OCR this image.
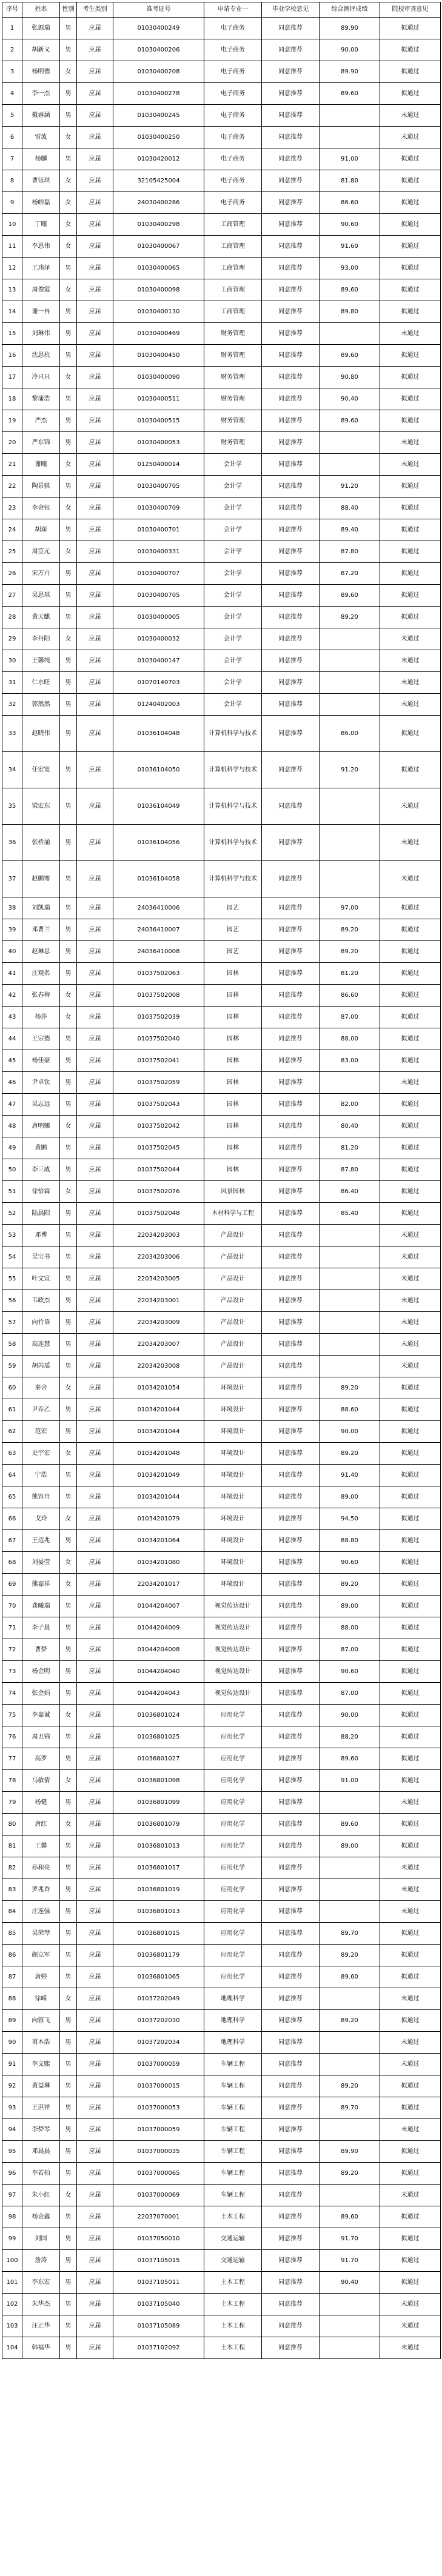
序号	姓名	性别	考生类别	准考证号	申请专业一	毕业学校意见	综合测评成绩	院校审查意见
1	张源瑞	男	应届	01030400249	电子商务	同意推荐	89.90	拟通过
2	胡新义	男	应届	01030400206	电子商务	同意推荐	90.00	拟通过
3	杨明德	女	应届	01030400208	电子商务	同意推荐	89.90	拟通过
4	李一杰	男	应届	01030400278	电子商务	同意推荐	89.60	拟通过
5	戴睿涵	男	应届	01030400245	电子商务	同意推荐		未通过
6	雷波	女	应届	01030400250	电子商务	同意推荐		未通过
7	杨麟	男	应届	01030420012	电子商务	同意推荐	91.00	拟通过
8	曹钰琪	女	应届	32105425004	电子商务	同意推荐	81.80	拟通过
9	杨皓磊	女	应届	24030400286	电子商务	同意推荐	86.60	拟通过
10	丁曦	女	应届	01030400298	工商管理	同意推荐	90.60	拟通过
11	李思伟	女	应届	01030400067	工商管理	同意推荐	91.60	拟通过
12	王玮泽	男	应届	01030400065	工商管理	同意推荐	93.00	拟通过
13	周俊霞	女	应届	01030400098	工商管理	同意推荐	89.60	拟通过
14	谢一冉	男	应届	01030400130	工商管理	同意推荐	89.80	拟通过
15	刘琳伟	男	应届	01030400469	财务管理	同意推荐		未通过
16	沈思杭	男	应届	01030400450	财务管理	同意推荐	89.60	拟通过
17	冷只只	女	应届	01030400090	财务管理	同意推荐	90.80	拟通过
18	黎蒲浩	男	应届	01030400511	财务管理	同意推荐	90.40	拟通过
19	严杰	男	应届	01030400515	财务管理	同意推荐	89.60	拟通过
20	严东锦	男	应届	01030400053	财务管理	同意推荐		未通过
21	谢曦	女	应届	01250400014	会计学	同意推荐		未通过
22	陶景骐	男	应届	01030400705	会计学	同意推荐	91.20	拟通过
23	李金钰	女	应届	01030400709	会计学	同意推荐	88.40	拟通过
24	胡琛	男	应届	01030400701	会计学	同意推荐	89.40	拟通过
25	周笠元	女	应届	01030400331	会计学	同意推荐	87.80	拟通过
26	宋万卉	男	应届	01030400707	会计学	同意推荐	87.20	拟通过
27	吴思琪	男	应届	01030400705	会计学	同意推荐	89.60	拟通过
28	黄天麒	男	应届	01030400005	会计学	同意推荐	89.20	拟通过
29	李丹阳	女	应届	01030400032	会计学	同意推荐		未通过
30	王馨纯	男	应届	01030400147	会计学	同意推荐		未通过
31	仁水旺	男	应届	01070140703	会计学	同意推荐		未通过
32	郭然然	男	应届	01240402003	会计学	同意推荐		未通过
33	赵晓伟	男	应届	01036104048	计算机科学与技术	同意推荐	86.00	拟通过
34	任宏宽	男	应届	01036104050	计算机科学与技术	同意推荐	91.20	拟通过
35	梁宏东	男	应届	01036104049	计算机科学与技术	同意推荐		未通过
36	张桥涌	男	应届	01036104056	计算机科学与技术	同意推荐		未通过
37	赵鹏骞	男	应届	01036104058	计算机科学与技术	同意推荐		未通过
38	刘凯瑞	男	应届	24036410006	园艺	同意推荐	97.00	拟通过
39	邓曹兰	男	应届	24036410007	园艺	同意推荐	89.20	拟通过
40	赵琳思	男	应届	24036410008	园艺	同意推荐	89.20	拟通过
41	庄观名	男	应届	01037502063	园林	同意推荐	81.20	拟通过
42	张春梅	女	应届	01037502008	园林	同意推荐	86.60	拟通过
43	杨莎	女	应届	01037502039	园林	同意推荐	87.00	拟通过
44	王宗德	男	应届	01037502040	园林	同意推荐	88.00	拟通过
45	杨佳豪	男	应届	01037502041	园林	同意推荐	83.00	拟通过
46	尹卓钦	男	应届	01037502059	园林	同意推荐		未通过
47	吴志远	男	应届	01037502043	园林	同意推荐	82.00	拟通过
48	唐明娜	女	应届	01037502042	园林	同意推荐	80.40	拟通过
49	黄鹏	男	应届	01037502045	园林	同意推荐	81.20	拟通过
50	李三威	男	应届	01037502044	园林	同意推荐	87.80	拟通过
51	徐恰霖	女	应届	01037502076	风景园林	同意推荐	86.40	拟通过
52	陆晨阳	男	应届	01037502048	木材科学与工程	同意推荐	85.40	拟通过
53	邓博	男	应届	22034203003	产品设计	同意推荐		未通过
54	吴宝书	男	应届	22034203006	产品设计	同意推荐		未通过
55	叶文宣	男	应届	22034203005	产品设计	同意推荐		未通过
56	韦政杰	男	应届	22034203001	产品设计	同意推荐		未通过
57	向竹语	男	应届	22034203009	产品设计	同意推荐		未通过
58	高连慧	男	应届	22034203007	产品设计	同意推荐		未通过
59	胡芮瑶	男	应届	22034203008	产品设计	同意推荐		未通过
60	秦舍	女	应届	01034201054	环境设计	同意推荐	89.20	拟通过
61	尹乔乙	男	应届	01034201044	环境设计	同意推荐	88.60	拟通过
62	范宏	男	应届	01034201044	环境设计	同意推荐	90.00	拟通过
63	史宇宏	女	应届	01034201048	环境设计	同意推荐	89.20	拟通过
64	宁浩	男	应届	01034201049	环境设计	同意推荐	91.40	拟通过
65	熊容舟	男	应届	01034201044	环境设计	同意推荐	89.00	拟通过
66	戈玲	女	应届	01034201079	环境设计	同意推荐	94.50	拟通过
67	王迈兆	男	应届	01034201064	环境设计	同意推荐	88.80	拟通过
68	刘晏莹	女	应届	01034201080	环境设计	同意推荐	90.60	拟通过
69	熊嘉祥	女	应届	22034201017	环境设计	同意推荐	89.20	拟通过
70	龚曦瑞	男	应届	01044204007	视觉传达设计	同意推荐	89.00	拟通过
71	李子晨	男	应届	01044204009	视觉传达设计	同意推荐	88.00	拟通过
72	曹梦	男	应届	01044204008	视觉传达设计	同意推荐	87.00	拟通过
73	杨金明	男	应届	01044204040	视觉传达设计	同意推荐	90.60	拟通过
74	张金娟	男	应届	01044204043	视觉传达设计	同意推荐	87.00	拟通过
75	李嘉诚	女	应届	01036801024	应用化学	同意推荐	90.00	拟通过
76	周丑锦	男	应届	01036801025	应用化学	同意推荐	88.20	拟通过
77	高罗	男	应届	01036801027	应用化学	同意推荐	89.60	拟通过
78	马敏倩	女	应届	01036801098	应用化学	同意推荐	91.00	拟通过
79	杨健	男	应届	01036801099	应用化学	同意推荐		未通过
80	唐红	女	应届	01036801079	应用化学	同意推荐	89.60	拟通过
81	王馨	男	应届	01036801013	应用化学	同意推荐	89.00	拟通过
82	孙和亮	男	应届	01036801017	应用化学	同意推荐		未通过
83	罗兆香	男	应届	01036801019	应用化学	同意推荐		未通过
84	庄连强	男	应届	01036801013	应用化学	同意推荐		未通过
85	吴荣琴	男	应届	01036801015	应用化学	同意推荐	89.70	拟通过
86	颜立军	男	应届	01036801179	应用化学	同意推荐	89.20	拟通过
87	唐婷	男	应届	01036801065	应用化学	同意推荐	89.60	拟通过
88	徐嵘	女	应届	01037202049	地理科学	同意推荐		未通过
89	向蓉飞	男	应届	01037202030	地理科学	同意推荐	89.20	拟通过
90	甫本浩	男	应届	01037202034	地理科学	同意推荐		未通过
91	李文熙	男	应届	01037000059	车辆工程	同意推荐		未通过
92	黄益琳	男	应届	01037000015	车辆工程	同意推荐	89.20	拟通过
93	王淇祥	男	应届	01037000053	车辆工程	同意推荐	89.70	拟通过
94	李梦琴	男	应届	01037000059	车辆工程	同意推荐		未通过
95	邓晨晨	男	应届	01037000035	车辆工程	同意推荐	89.90	拟通过
96	李若柏	男	应届	01037000065	车辆工程	同意推荐	89.20	拟通过
97	朱小红	女	应届	01037000069	车辆工程	同意推荐		未通过
98	杨金鑫	男	应届	22037070001	土木工程	同意推荐	89.60	拟通过
99	刘国	男	应届	01037050010	交通运输	同意推荐	91.70	拟通过
100	詹涛	男	应届	01037105015	交通运输	同意推荐	91.70	拟通过
101	李东宏	男	应届	01037105011	土木工程	同意推荐	90.40	拟通过
102	朱华杰	男	应届	01037105040	土木工程	同意推荐		未通过
103	汪正华	男	应届	01037105089	土木工程	同意推荐		未通过
104	韩福华	男	应届	01037102092	土木工程	同意推荐		未通过
